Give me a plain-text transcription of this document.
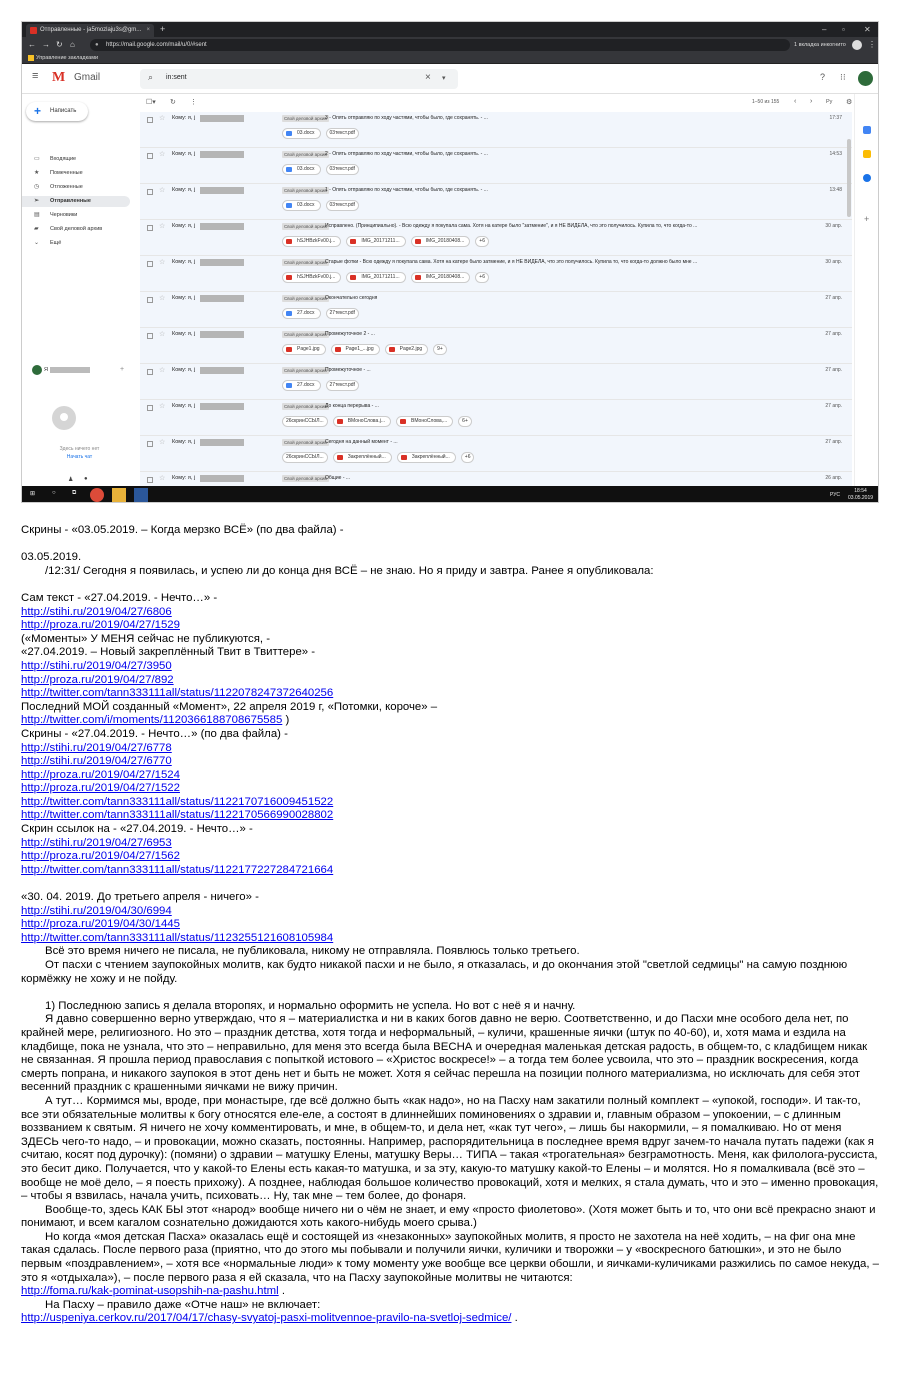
Отправленные - ja5mozlaju3s@gm... × +	– ▫ ✕
← → ↻ ⌂	● https://mail.google.com/mail/u/0/#sent	1 вкладка инкогнито	⋮
Управление закладками
≡ M Gmail	⌕ in:sent	× ▾	? ⁝⁝
+ Написать
▭ Входящие
★ Помеченные
◷ Отложенные
➢ Отправленные
▤ Черновики
▰ Свой деловой архив
⌄ Ещё
Я	+
Здесь ничего нет
Начать чат
♟ ●
☐▾ ↻ ⋮	1–50 из 155 ‹ › Ру ⚙
☆ Кому: я, j	Свой деловой архив
3 - Опять отправляю по ходу частями, чтобы было, где сохранять. - ...	17:37
03.docx	03текст.pdf
☆ Кому: я, j	Свой деловой архив
2 - Опять отправляю по ходу частями, чтобы было, где сохранять. - ...	14:53
03.docx	03текст.pdf
☆ Кому: я, j	Свой деловой архив
1 - Опять отправляю по ходу частями, чтобы было, где сохранять. - ...	13:48
03.docx	03текст.pdf
☆ Кому: я, j	Свой деловой архив
Исправлено. (Принципиально). - Всю одежду я покупала сама. Хотя на катере было "затмение", и я НЕ ВИДЕЛА, что это получилось. Купила то, что когда-то ...	30 апр.
hSJHBzkFv00.j...	IMG_20171211...	IMG_20180408...	+6
☆ Кому: я, j	Свой деловой архив
Старые фотки - Всю одежду я покупала сама. Хотя на катере было затмение, и я НЕ ВИДЕЛА, что это получилось. Купила то, что когда-то должно было мне ...	30 апр.
hSJHBzkFv00.j...	IMG_20171211...	IMG_20180408...	+6
☆ Кому: я, j	Свой деловой архив
Окончательно сегодня	27 апр.
27.docx	27текст.pdf
☆ Кому: я, j	Свой деловой архив
Промежуточное 2 - ...	27 апр.
Page1.jpg	Page1_...jpg	Page2.jpg	9+
☆ Кому: я, j	Свой деловой архив
Промежуточное - ...	27 апр.
27.docx	27текст.pdf
☆ Кому: я, j	Свой деловой архив
До конца перерыва - ...	27 апр.
26скринССЫЛ...	ВМоноСлова.j...	ВМоноСлова,...	6+
☆ Кому: я, j	Свой деловой архив
Сегодня на данный момент - ...	27 апр.
26скринССЫЛ...	Закреплённый...	Закреплённый...	+6
☆ Кому: я, j	Свой деловой архив
Общие - ...	26 апр.
+
⊞	○	⧉	РУС
18:54
03.05.2019

Скрины - «03.05.2019. – Когда мерзко ВСЁ» (по два файла) -

03.05.2019.

/12:31/ Сегодня я появилась, и успею ли до конца дня ВСЁ – не знаю. Но я приду и завтра. Ранее я опубликовала:

Сам текст - «27.04.2019. - Нечто…» -

http://stihi.ru/2019/04/27/6806

http://proza.ru/2019/04/27/1529

(«Моменты» У МЕНЯ сейчас не публикуются, -

«27.04.2019. – Новый закреплённый Твит в Твиттере» -

http://stihi.ru/2019/04/27/3950

http://proza.ru/2019/04/27/892

http://twitter.com/tann333111all/status/1122078247372640256

Последний МОЙ созданный «Момент», 22 апреля 2019 г, «Потомки, короче» –

http://twitter.com/i/moments/1120366188708675585 )

Скрины - «27.04.2019. - Нечто…» (по два файла) -

http://stihi.ru/2019/04/27/6778

http://stihi.ru/2019/04/27/6770

http://proza.ru/2019/04/27/1524

http://proza.ru/2019/04/27/1522

http://twitter.com/tann333111all/status/1122170716009451522

http://twitter.com/tann333111all/status/1122170566990028802

Скрин ссылок на - «27.04.2019. - Нечто…» -

http://stihi.ru/2019/04/27/6953

http://proza.ru/2019/04/27/1562

http://twitter.com/tann333111all/status/1122177227284721664

«30. 04. 2019. До третьего апреля - ничего» -

http://stihi.ru/2019/04/30/6994

http://proza.ru/2019/04/30/1445

http://twitter.com/tann333111all/status/1123255121608105984

Всё это время ничего не писала, не публиковала, никому не отправляла. Появлюсь только третьего.

От пасхи с чтением заупокойных молитв, как будто никакой пасхи и не было, я отказалась, и до окончания этой "светлой седмицы" на самую позднюю кормёжку не хожу и не пойду.

1) Последнюю запись я делала второпях, и нормально оформить не успела. Но вот с неё я и начну.

Я давно совершенно верно утверждаю, что я – материалистка и ни в каких богов давно не верю. Соответственно, и до Пасхи мне особого дела нет, по крайней мере, религиозного. Но это – праздник детства, хотя тогда и неформальный, – куличи, крашенные яички (штук по 40-60), и, хотя мама и ездила на кладбище, пока не узнала, что это – неправильно, для меня это всегда была ВЕСНА и очередная маленькая детская радость, в общем-то, с кладбищем никак не связанная. Я прошла период православия с попыткой истового – «Христос воскресе!» – а тогда тем более усвоила, что это – праздник воскресения, когда смерть попрана, и никакого заупокоя в этот день нет и быть не может. Хотя я сейчас перешла на позиции полного материализма, но исключать для себя этот весенний праздник с крашенными яичками не вижу причин.

А тут… Кормимся мы, вроде, при монастыре, где всё должно быть «как надо», но на Пасху нам закатили полный комплект – «упокой, господи». И так-то, все эти обязательные молитвы к богу относятся еле-еле, а состоят в длиннейших поминовениях о здравии и, главным образом – упокоении, – с длинным воззванием к святым. Я ничего не хочу комментировать, и мне, в общем-то, и дела нет, «как тут чего», – лишь бы накормили, – я помалкиваю. Но от меня ЗДЕСЬ чего-то надо, – и провокации, можно сказать, постоянны. Например, распорядительница в последнее время вдруг зачем-то начала путать падежи (как я считаю, косят под дурочку): (помяни) о здравии – матушку Елены, матушку Веры… ТИПА – такая «трогательная» безграмотность. Меня, как филолога-руссиста, это бесит дико. Получается, что у какой-то Елены есть какая-то матушка, и за эту, какую-то матушку какой-то Елены – и молятся. Но я помалкивала (всё это – вообще не моё дело, – я поесть прихожу). А позднее, наблюдая большое количество провокаций, хотя и мелких, я стала думать, что и это – именно провокация, – чтобы я взвилась, начала учить, психовать… Ну, так мне – тем более, до фонаря.

Вообще-то, здесь КАК БЫ этот «народ» вообще ничего ни о чём не знает, и ему «просто фиолетово». (Хотя может быть и то, что они всё прекрасно знают и понимают, и всем кагалом сознательно дожидаются хоть какого-нибудь моего срыва.)

Но когда «моя детская Пасха» оказалась ещё и состоящей из «незаконных» заупокойных молитв, я просто не захотела на неё ходить, – на фиг она мне такая сдалась. После первого раза (приятно, что до этого мы побывали и получили яички, куличики и творожки – у «воскресного батюшки», и это не было первым «поздравлением», – хотя все «нормальные люди» к тому моменту уже вообще все церкви обошли, и яичками-куличиками разжились по самое некуда, – это я «отдыхала»), – после первого раза я ей сказала, что на Пасху заупокойные молитвы не читаются:

http://foma.ru/kak-pominat-usopshih-na-pashu.html .

На Пасху – правило даже «Отче наш» не включает:

http://uspeniya.cerkov.ru/2017/04/17/chasy-svyatoj-pasxi-molitvennoe-pravilo-na-svetloj-sedmice/ .
